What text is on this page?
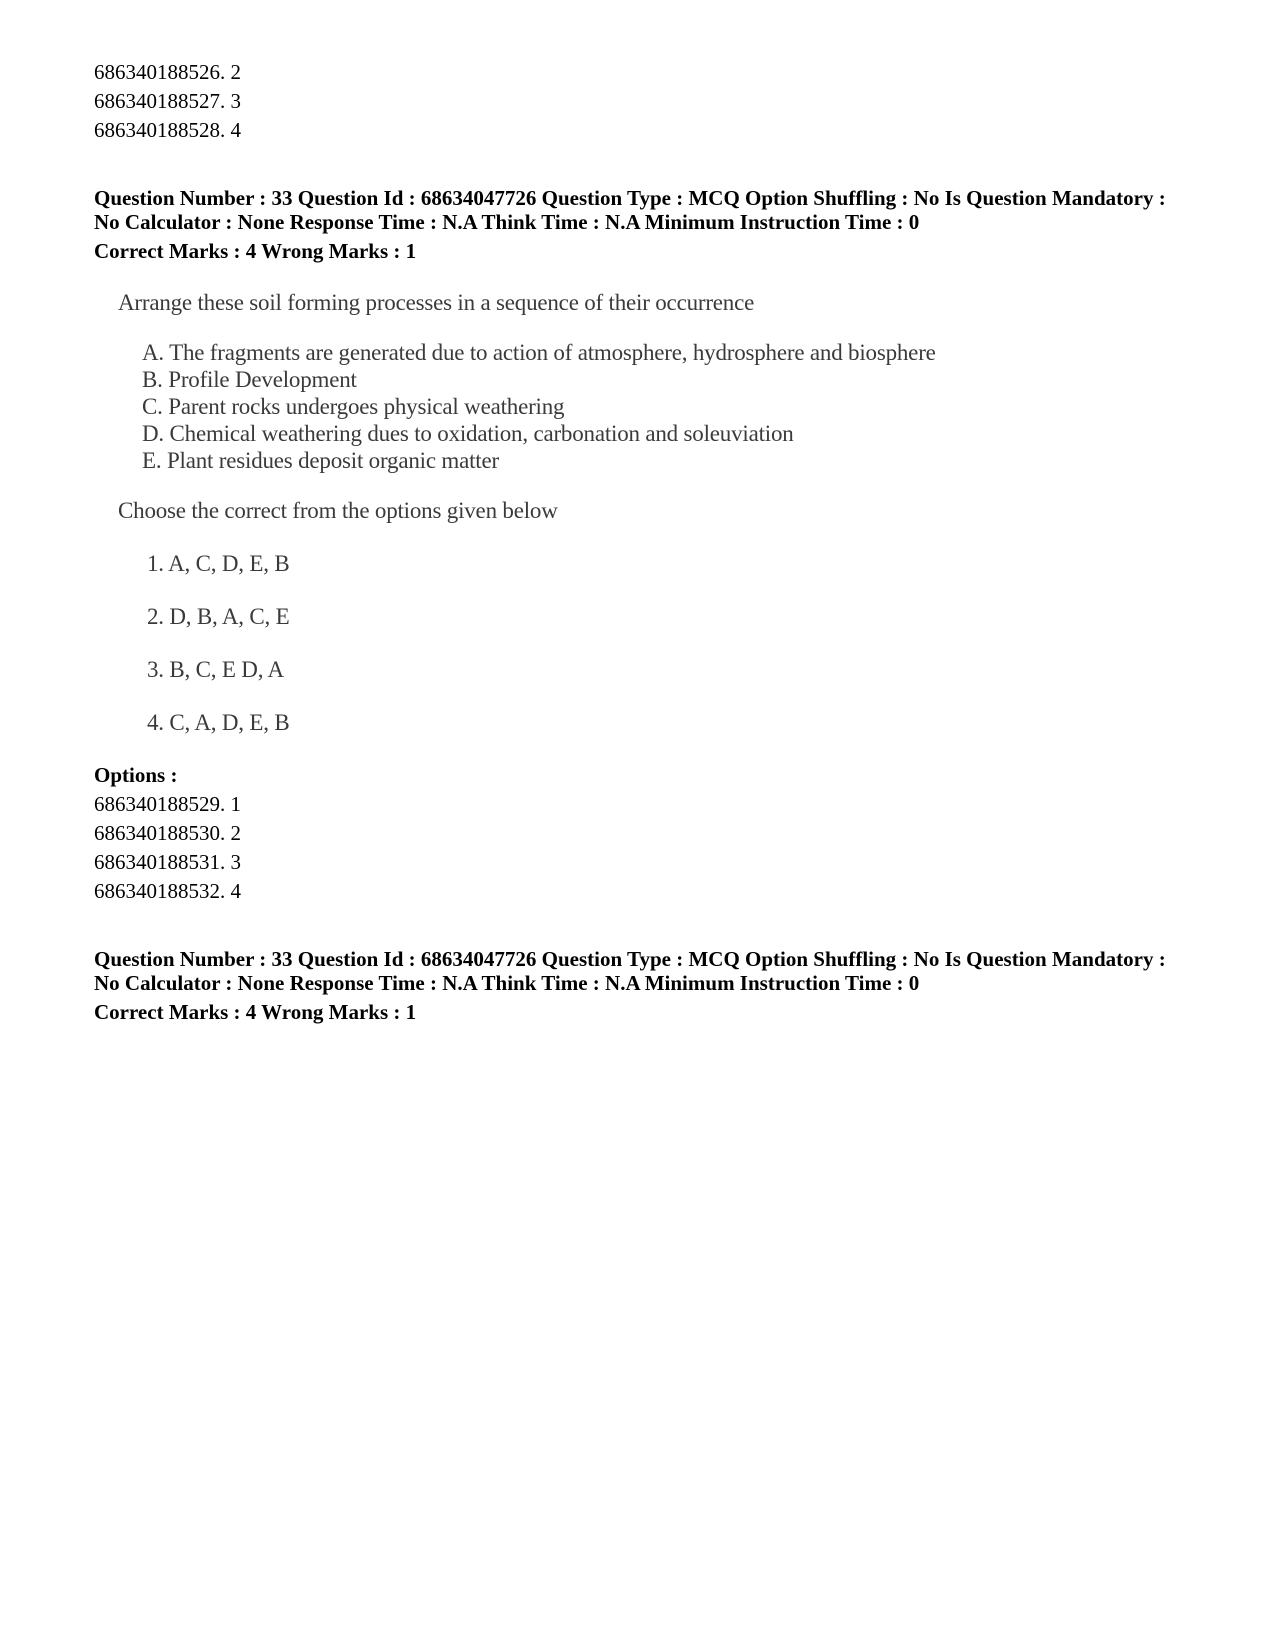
686340188526. 2
686340188527. 3
686340188528. 4
Question Number : 33 Question Id : 68634047726 Question Type : MCQ Option Shuffling : No Is Question Mandatory :
No Calculator : None Response Time : N.A Think Time : N.A Minimum Instruction Time : 0
Correct Marks : 4 Wrong Marks : 1
Arrange these soil forming processes in a sequence of their occurrence
A. The fragments are generated due to action of atmosphere, hydrosphere and biosphere
B. Profile Development
C. Parent rocks undergoes physical weathering
D. Chemical weathering dues to oxidation, carbonation and soleuviation
E. Plant residues deposit organic matter
Choose the correct from the options given below
1. A, C, D, E, B
2. D, B, A, C, E
3. B, C, E D, A
4. C, A, D, E, B
Options :
686340188529. 1
686340188530. 2
686340188531. 3
686340188532. 4
Question Number : 33 Question Id : 68634047726 Question Type : MCQ Option Shuffling : No Is Question Mandatory :
No Calculator : None Response Time : N.A Think Time : N.A Minimum Instruction Time : 0
Correct Marks : 4 Wrong Marks : 1
